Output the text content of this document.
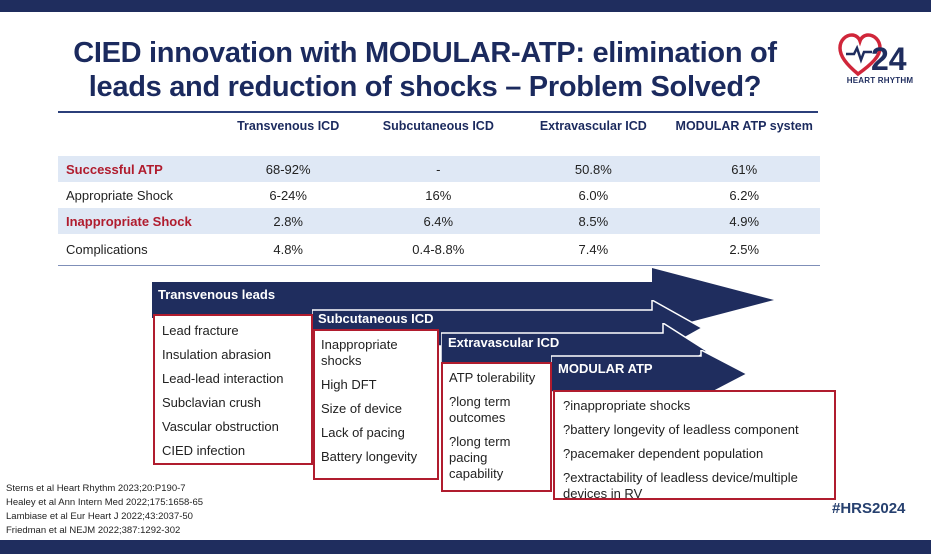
CIED innovation with MODULAR-ATP: elimination of
leads and reduction of shocks – Problem Solved?
24
HEART RHYTHM
	Transvenous ICD	Subcutaneous ICD	Extravascular ICD	MODULAR ATP system
Successful ATP	68-92%	-	50.8%	61%
Appropriate Shock	6-24%	16%	6.0%	6.2%
Inappropriate Shock	2.8%	6.4%	8.5%	4.9%
Complications	4.8%	0.4-8.8%	7.4%	2.5%
Transvenous leads
Subcutaneous ICD
Extravascular ICD
MODULAR ATP
Lead fracture
Insulation abrasion
Lead-lead interaction
Subclavian crush
Vascular obstruction
CIED infection
Inappropriate
shocks
High DFT
Size of device
Lack of pacing
Battery longevity
ATP tolerability
?long term
outcomes
?long term
pacing
capability
?inappropriate shocks
?battery longevity of leadless component
?pacemaker dependent population
?extractability of leadless device/multiple
devices in RV
Sterns et al Heart Rhythm 2023;20:P190-7
Healey et al Ann Intern Med 2022;175:1658-65
Lambiase et al Eur Heart J 2022;43:2037-50
Friedman et al NEJM 2022;387:1292-302
#HRS2024
